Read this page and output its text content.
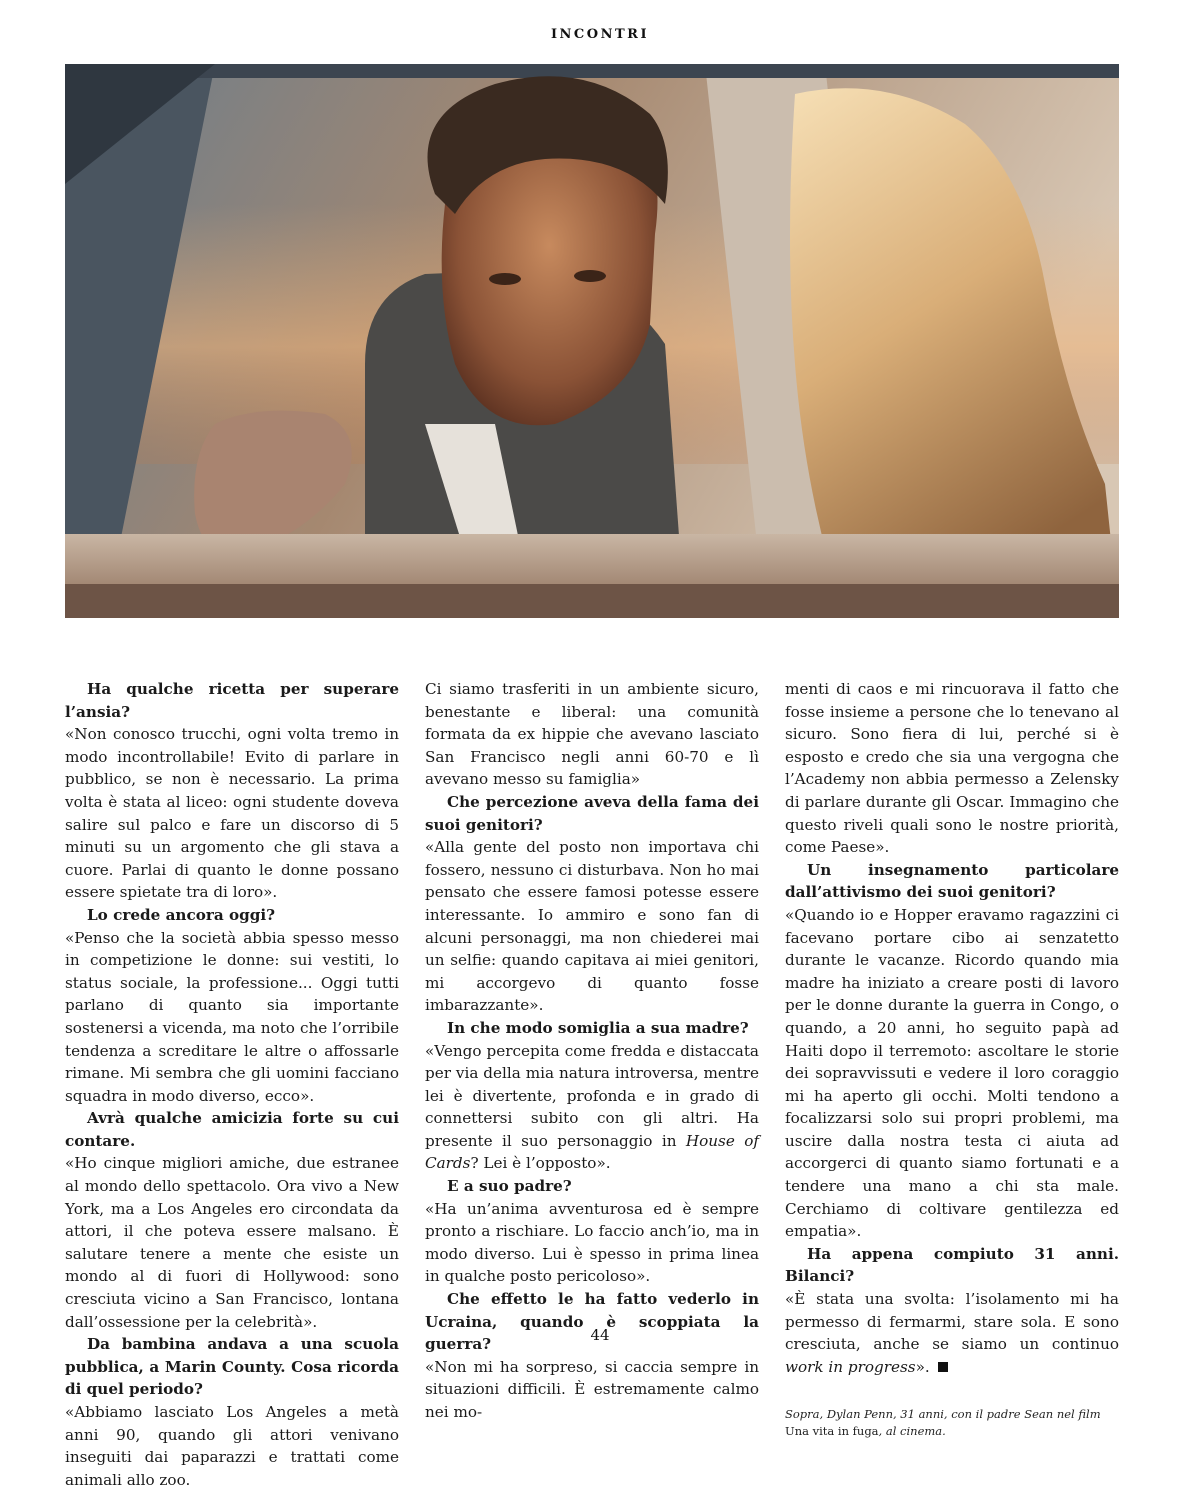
INCONTRI

Ha qualche ricetta per superare l’ansia?

«Non conosco trucchi, ogni volta tremo in modo incontrollabile! Evito di parlare in pubblico, se non è necessario. La prima volta è stata al liceo: ogni studente doveva salire sul palco e fare un discorso di 5 minuti su un argomento che gli stava a cuore. Parlai di quanto le donne possano essere spietate tra di loro».

Lo crede ancora oggi?

«Penso che la società abbia spesso messo in competizione le donne: sui vestiti, lo status sociale, la professione... Oggi tutti parlano di quanto sia importante sostenersi a vicenda, ma noto che l’orribile tendenza a screditare le altre o affossarle rimane. Mi sembra che gli uomini facciano squadra in modo diverso, ecco».

Avrà qualche amicizia forte su cui contare.

«Ho cinque migliori amiche, due estranee al mondo dello spettacolo. Ora vivo a New York, ma a Los Angeles ero circondata da attori, il che poteva essere malsano. È salutare tenere a mente che esiste un mondo al di fuori di Hollywood: sono cresciuta vicino a San Francisco, lontana dall’ossessione per la celebrità».

Da bambina andava a una scuola pubblica, a Marin County. Cosa ricorda di quel periodo?

«Abbiamo lasciato Los Angeles a metà anni 90, quando gli attori venivano inseguiti dai paparazzi e trattati come animali allo zoo.

Ci siamo trasferiti in un ambiente sicuro, benestante e liberal: una comunità formata da ex hippie che avevano lasciato San Francisco negli anni 60-70 e lì avevano messo su famiglia»

Che percezione aveva della fama dei suoi genitori?

«Alla gente del posto non importava chi fossero, nessuno ci disturbava. Non ho mai pensato che essere famosi potesse essere interessante. Io ammiro e sono fan di alcuni personaggi, ma non chiederei mai un selfie: quando capitava ai miei genitori, mi accorgevo di quanto fosse imbarazzante».

In che modo somiglia a sua madre?

«Vengo percepita come fredda e distaccata per via della mia natura introversa, mentre lei è divertente, profonda e in grado di connettersi subito con gli altri. Ha presente il suo personaggio in House of Cards? Lei è l’opposto».

E a suo padre?

«Ha un’anima avventurosa ed è sempre pronto a rischiare. Lo faccio anch’io, ma in modo diverso. Lui è spesso in prima linea in qualche posto pericoloso».

Che effetto le ha fatto vederlo in Ucraina, quando è scoppiata la guerra?

«Non mi ha sorpreso, si caccia sempre in situazioni difficili. È estremamente calmo nei mo-

menti di caos e mi rincuorava il fatto che fosse insieme a persone che lo tenevano al sicuro. Sono fiera di lui, perché si è esposto e credo che sia una vergogna che l’Academy non abbia permesso a Zelensky di parlare durante gli Oscar. Immagino che questo riveli quali sono le nostre priorità, come Paese».

Un insegnamento particolare dall’attivismo dei suoi genitori?

«Quando io e Hopper eravamo ragazzini ci facevano portare cibo ai senzatetto durante le vacanze. Ricordo quando mia madre ha iniziato a creare posti di lavoro per le donne durante la guerra in Congo, o quando, a 20 anni, ho seguito papà ad Haiti dopo il terremoto: ascoltare le storie dei sopravvissuti e vedere il loro coraggio mi ha aperto gli occhi. Molti tendono a focalizzarsi solo sui propri problemi, ma uscire dalla nostra testa ci aiuta ad accorgerci di quanto siamo fortunati e a tendere una mano a chi sta male. Cerchiamo di coltivare gentilezza ed empatia».

Ha appena compiuto 31 anni. Bilanci?

«È stata una svolta: l’isolamento mi ha permesso di fermarmi, stare sola. E sono cresciuta, anche se siamo un continuo work in progress».

Sopra, Dylan Penn, 31 anni, con il padre Sean nel film
Una vita in fuga, al cinema.
44
